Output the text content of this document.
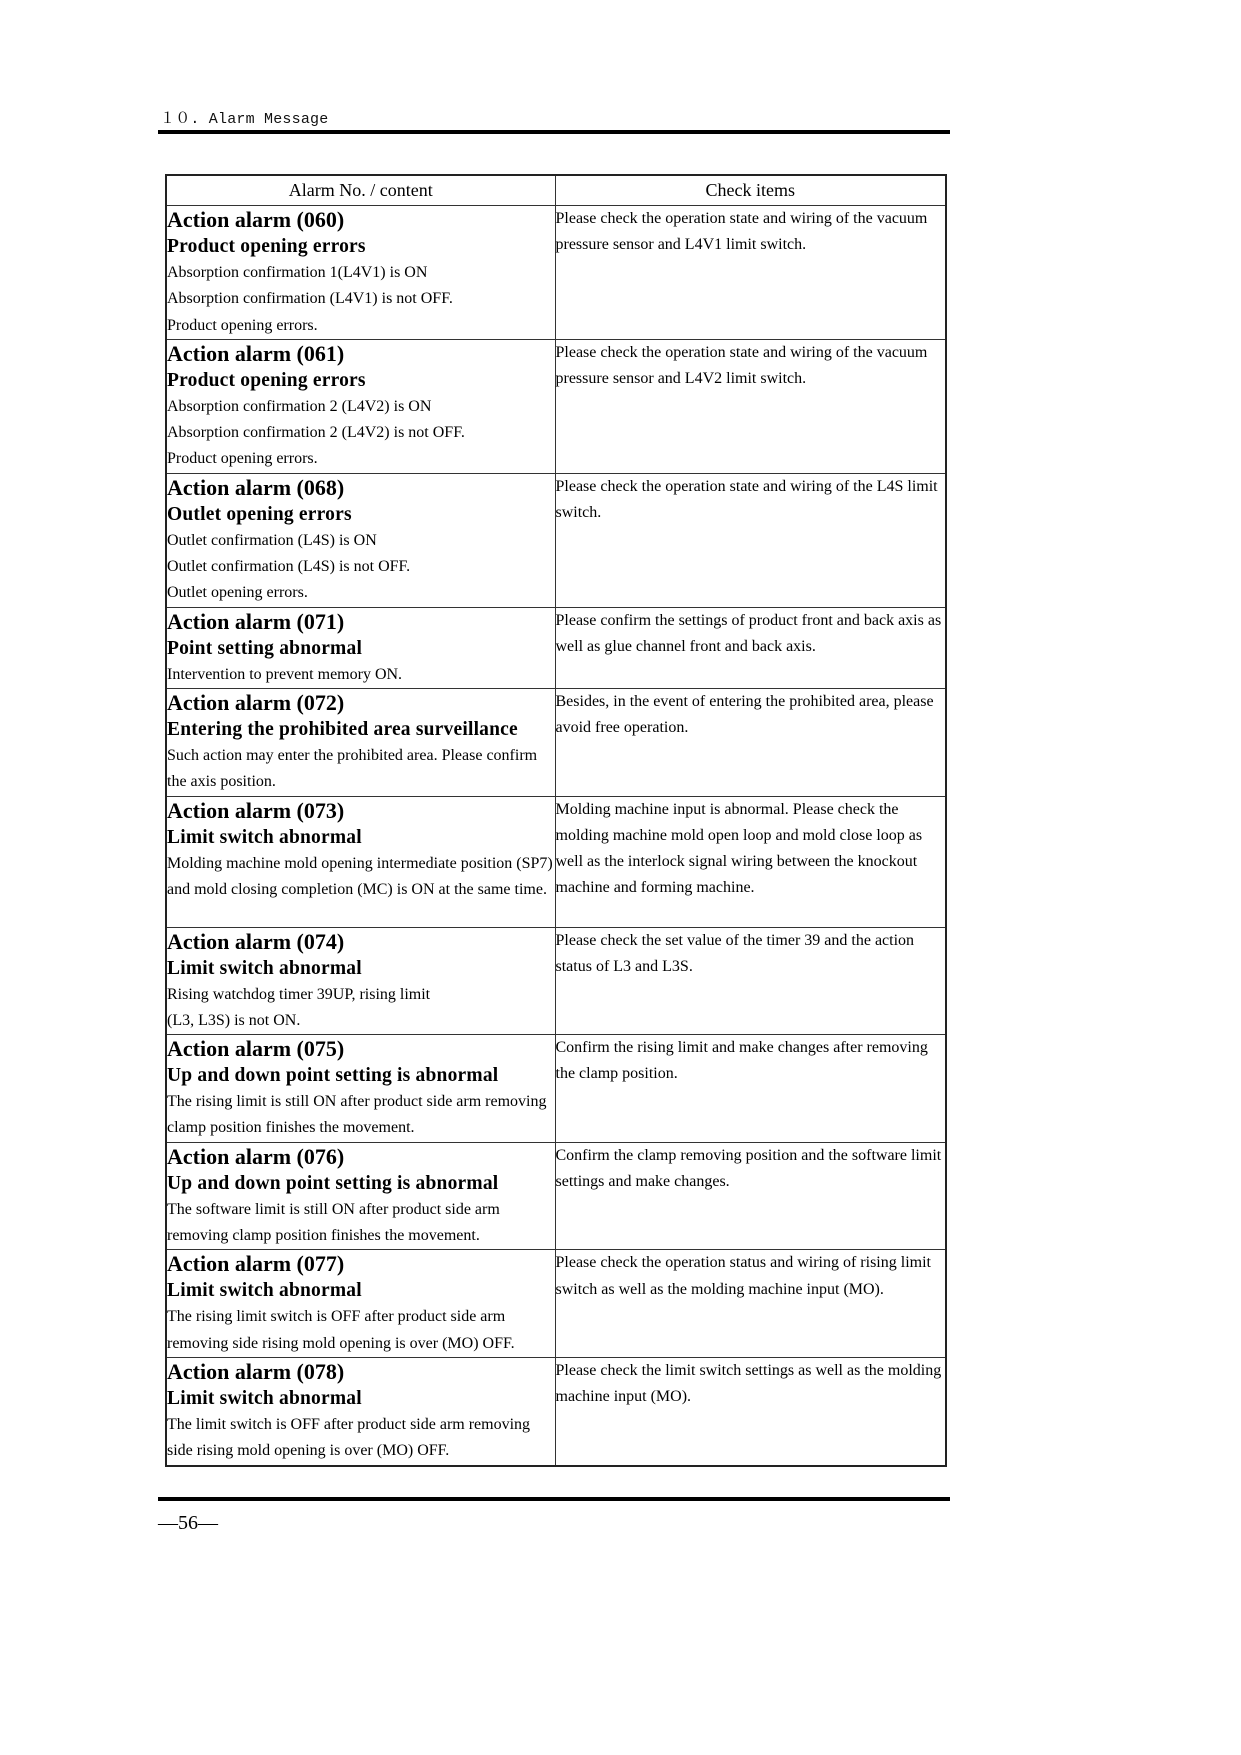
１０. Alarm Message
Alarm No. / content	Check items

Action alarm (060)
Product opening errors
Absorption confirmation 1(L4V1) is ON
Absorption confirmation (L4V1) is not OFF.
Product opening errors.	Please check the operation state and wiring of the vacuum pressure sensor and L4V1 limit switch.

Action alarm (061)
Product opening errors
Absorption confirmation 2 (L4V2) is ON
Absorption confirmation 2 (L4V2) is not OFF.
Product opening errors.	Please check the operation state and wiring of the vacuum pressure sensor and L4V2 limit switch.

Action alarm (068)
Outlet opening errors
Outlet confirmation (L4S) is ON
Outlet confirmation (L4S) is not OFF.
Outlet opening errors.	Please check the operation state and wiring of the L4S limit switch.

Action alarm (071)
Point setting abnormal
Intervention to prevent memory ON.	Please confirm the settings of product front and back axis as well as glue channel front and back axis.

Action alarm (072)
Entering the prohibited area surveillance
Such action may enter the prohibited area. Please confirm the axis position.	Besides, in the event of entering the prohibited area, please avoid free operation.

Action alarm (073)
Limit switch abnormal
Molding machine mold opening intermediate position (SP7) and mold closing completion (MC) is ON at the same time.	Molding machine input is abnormal. Please check the molding machine mold open loop and mold close loop as well as the interlock signal wiring between the knockout machine and forming machine.

Action alarm (074)
Limit switch abnormal
Rising watchdog timer 39UP, rising limit
(L3, L3S) is not ON.	Please check the set value of the timer 39 and the action status of L3 and L3S.

Action alarm (075)
Up and down point setting is abnormal
The rising limit is still ON after product side arm removing clamp position finishes the movement.	Confirm the rising limit and make changes after removing the clamp position.

Action alarm (076)
Up and down point setting is abnormal
The software limit is still ON after product side arm removing clamp position finishes the movement.	Confirm the clamp removing position and the software limit settings and make changes.

Action alarm (077)
Limit switch abnormal
The rising limit switch is OFF after product side arm removing side rising mold opening is over (MO) OFF.	Please check the operation status and wiring of rising limit switch as well as the molding machine input (MO).

Action alarm (078)
Limit switch abnormal
The limit switch is OFF after product side arm removing side rising mold opening is over (MO) OFF.	Please check the limit switch settings as well as the molding machine input (MO).
—56—
